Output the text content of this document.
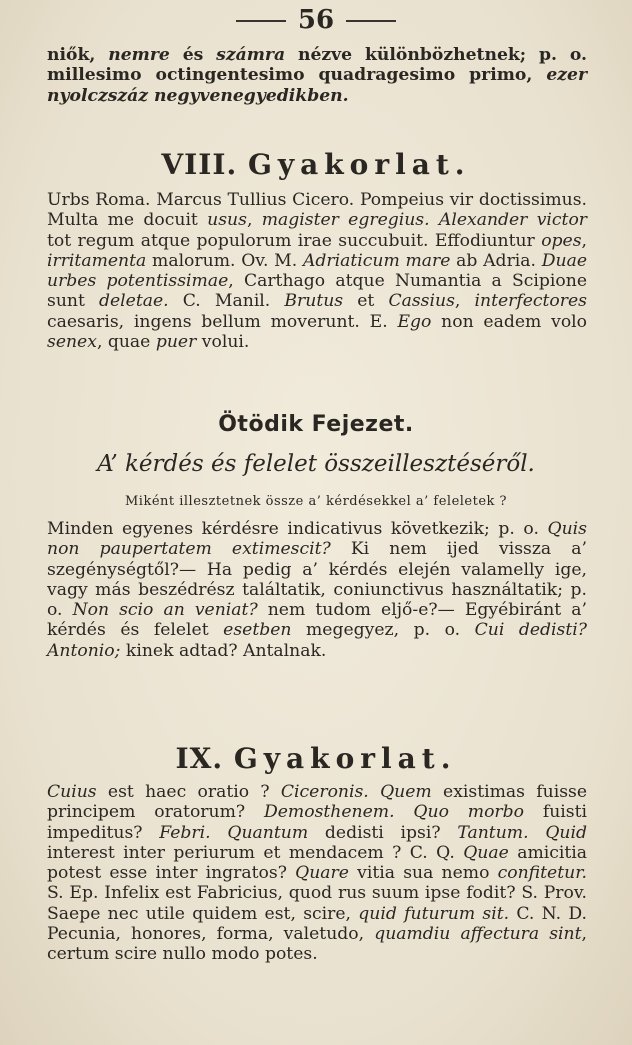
56
niők, nemre és számra nézve különbözhetnek; p. o. millesimo octingentesimo quadragesimo primo, ezer nyolczszáz negyvenegyedikben.
VIII. Gyakorlat.
Urbs Roma. Marcus Tullius Cicero. Pompeius vir doctissimus. Multa me docuit usus, magister egregius. Alexander victor tot regum atque populorum irae succubuit. Effodiuntur opes, irritamenta malorum. Ov. M. Adriaticum mare ab Adria. Duae urbes potentissimae, Carthago atque Numantia a Scipione sunt deletae. C. Manil. Brutus et Cassius, interfectores caesaris, ingens bellum moverunt. E. Ego non eadem volo senex, quae puer volui.
Ötödik Fejezet.
A’ kérdés és felelet összeillesztéséről.
Miként illesztetnek össze a’ kérdésekkel a’ feleletek ?
Minden egyenes kérdésre indicativus következik; p. o. Quis non paupertatem extimescit? Ki nem ijed vissza a’ szegénységtől?— Ha pedig a’ kérdés elején valamelly ige, vagy más beszédrész találtatik, coniunctivus használtatik; p. o. Non scio an veniat? nem tudom eljő-e?— Egyébiránt a’ kérdés és felelet esetben megegyez, p. o. Cui dedisti? Antonio; kinek adtad? Antalnak.
IX. Gyakorlat.
Cuius est haec oratio ? Ciceronis. Quem existimas fuisse principem oratorum? Demosthenem. Quo morbo fuisti impeditus? Febri. Quantum dedisti ipsi? Tantum. Quid interest inter periurum et mendacem ? C. Q. Quae amicitia potest esse inter ingratos? Quare vitia sua nemo confitetur. S. Ep. Infelix est Fabricius, quod rus suum ipse fodit? S. Prov. Saepe nec utile quidem est, scire, quid futurum sit. C. N. D. Pecunia, honores, forma, valetudo, quamdiu affectura sint, certum scire nullo modo potes.
